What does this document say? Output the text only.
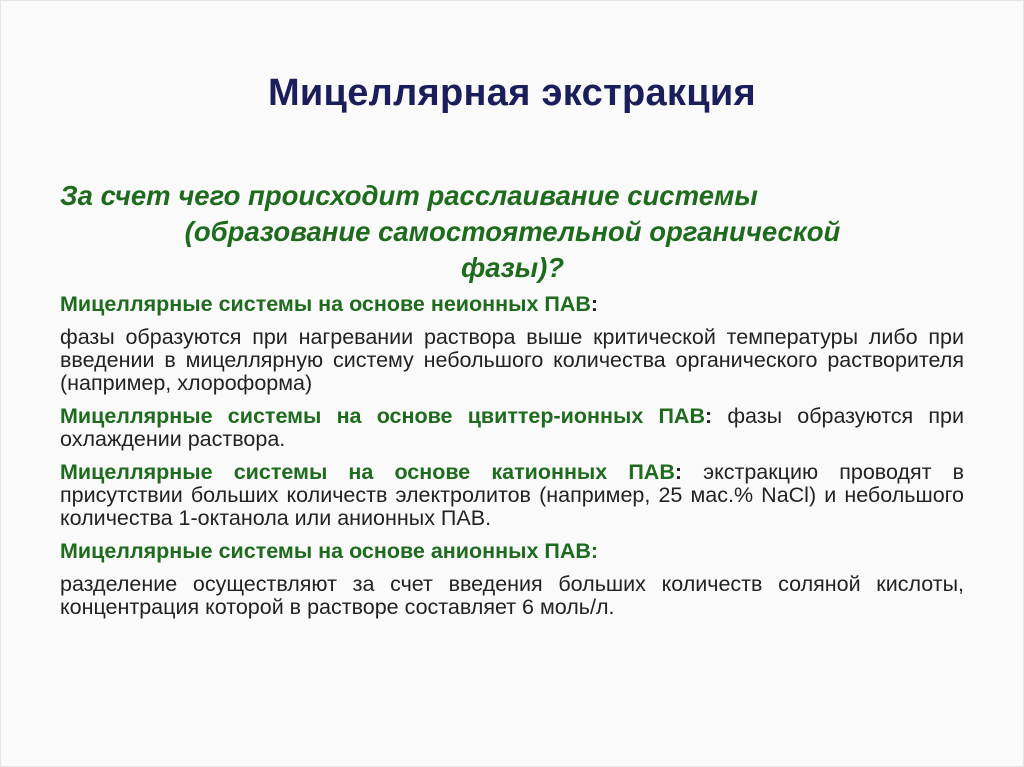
Мицеллярная экстракция
За счет чего происходит расслаивание системы
(образование самостоятельной органической
фазы)?
Мицеллярные системы на основе неионных ПАВ:
фазы образуются при нагревании раствора выше критической температуры либо при введении в мицеллярную систему небольшого количества органического растворителя (например, хлороформа)
Мицеллярные системы на основе цвиттер-ионных ПАВ: фазы образуются при охлаждении раствора.
Мицеллярные системы на основе катионных ПАВ: экстракцию проводят в присутствии больших количеств электролитов (например, 25 мас.% NaCl) и небольшого количества 1-октанола или анионных ПАВ.
Мицеллярные системы на основе анионных ПАВ:
разделение осуществляют за счет введения больших количеств соляной кислоты, концентрация которой в растворе составляет 6 моль/л.
